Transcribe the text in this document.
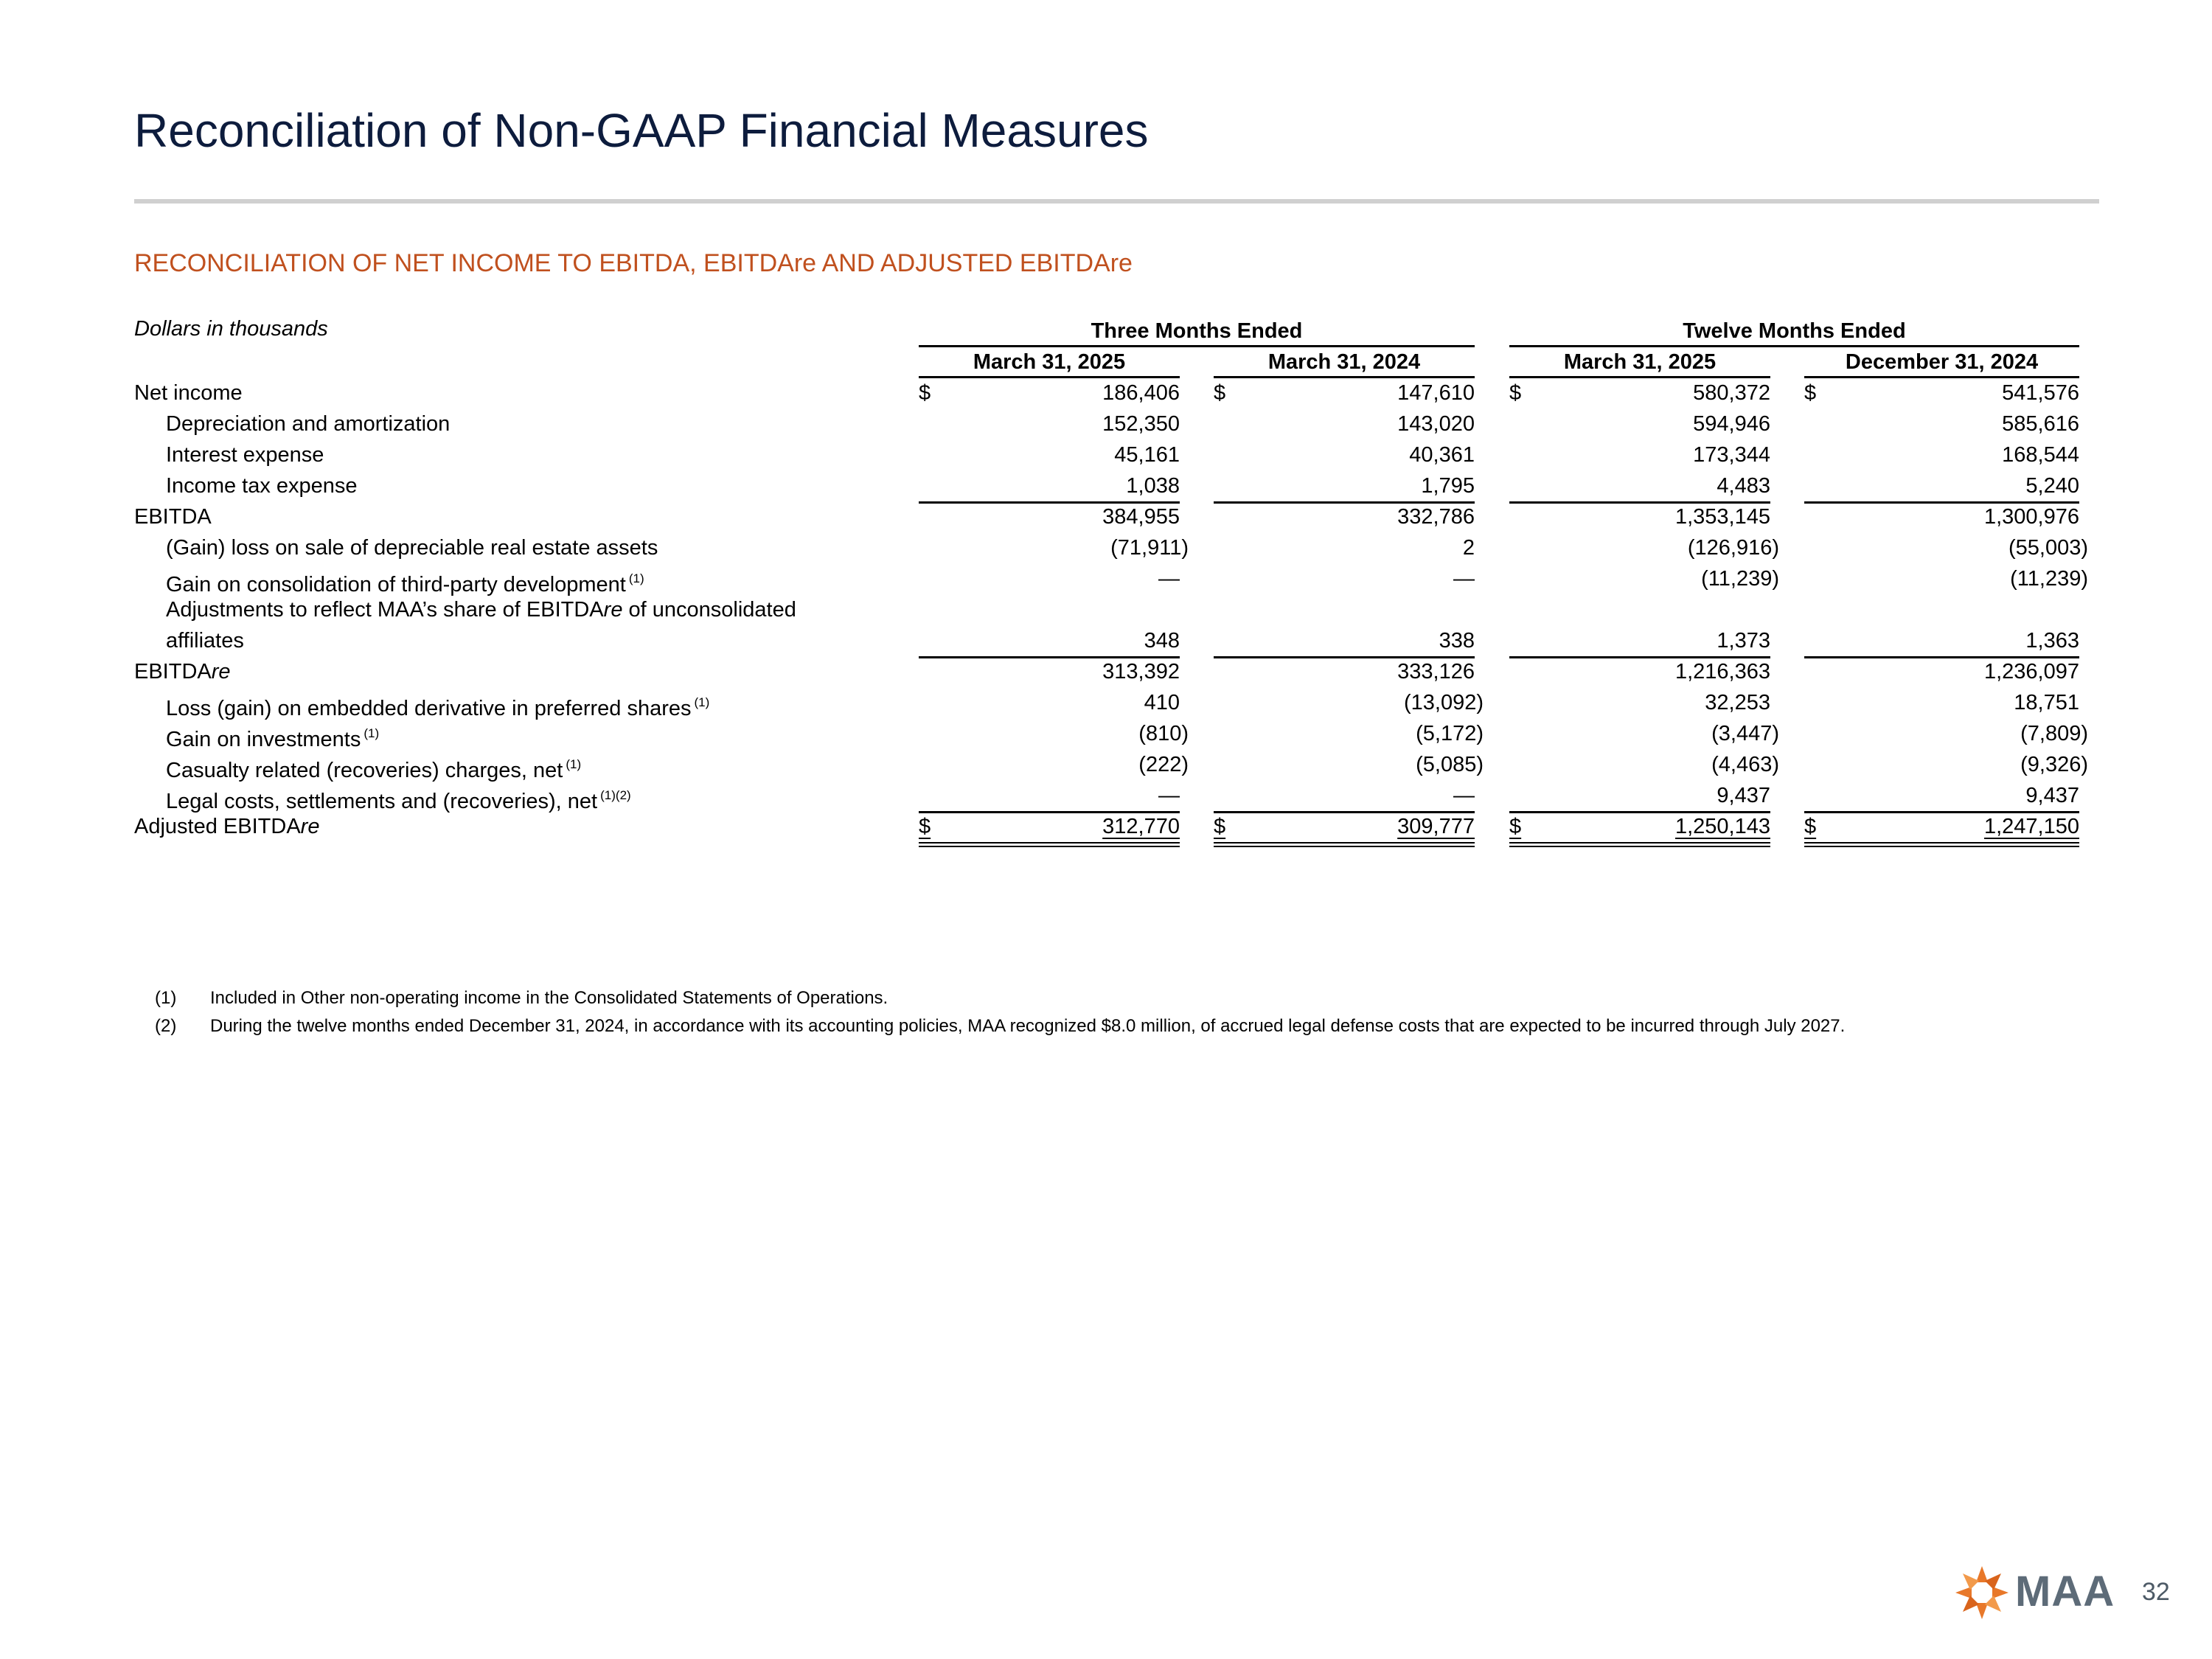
Reconciliation of Non-GAAP Financial Measures
RECONCILIATION OF NET INCOME TO EBITDA, EBITDAre AND ADJUSTED EBITDAre
Dollars in thousands	Three Months Ended	Twelve Months Ended
March 31, 2025	March 31, 2024	March 31, 2025	December 31, 2024
Net income	$	186,406 $	147,610 $	580,372 $	541,576
Depreciation and amortization	152,350	143,020	594,946	585,616
Interest expense	45,161	40,361	173,344	168,544
Income tax expense	1,038	1,795	4,483	5,240
EBITDA	384,955	332,786	1,353,145	1,300,976
(Gain) loss on sale of depreciable real estate assets	(71,911)	2	(126,916)	(55,003)
Gain on consolidation of third-party development $^{(1)}$	—	—	(11,239)	(11,239)
Adjustments to reflect MAA’s share of EBITDAre of unconsolidated
affiliates	348	338	1,373	1,363
EBITDAre	313,392	333,126	1,216,363	1,236,097
Loss (gain) on embedded derivative in preferred shares $^{(1)}$	410	(13,092)	32,253	18,751
Gain on investments $^{(1)}$	(810)	(5,172)	(3,447)	(7,809)
Casualty related (recoveries) charges, net $^{(1)}$	(222)	(5,085)	(4,463)	(9,326)
Legal costs, settlements and (recoveries), net $^{(1)(2)}$	—	—	9,437	9,437
Adjusted EBITDAre	$	312,770 $	309,777 $	1,250,143 $	1,247,150
(1) Included in Other non-operating income in the Consolidated Statements of Operations.
(2) During the twelve months ended December 31, 2024, in accordance with its accounting policies, MAA recognized $8.0 million, of accrued legal defense costs that are expected to be incurred through July 2027.
MAA 32
